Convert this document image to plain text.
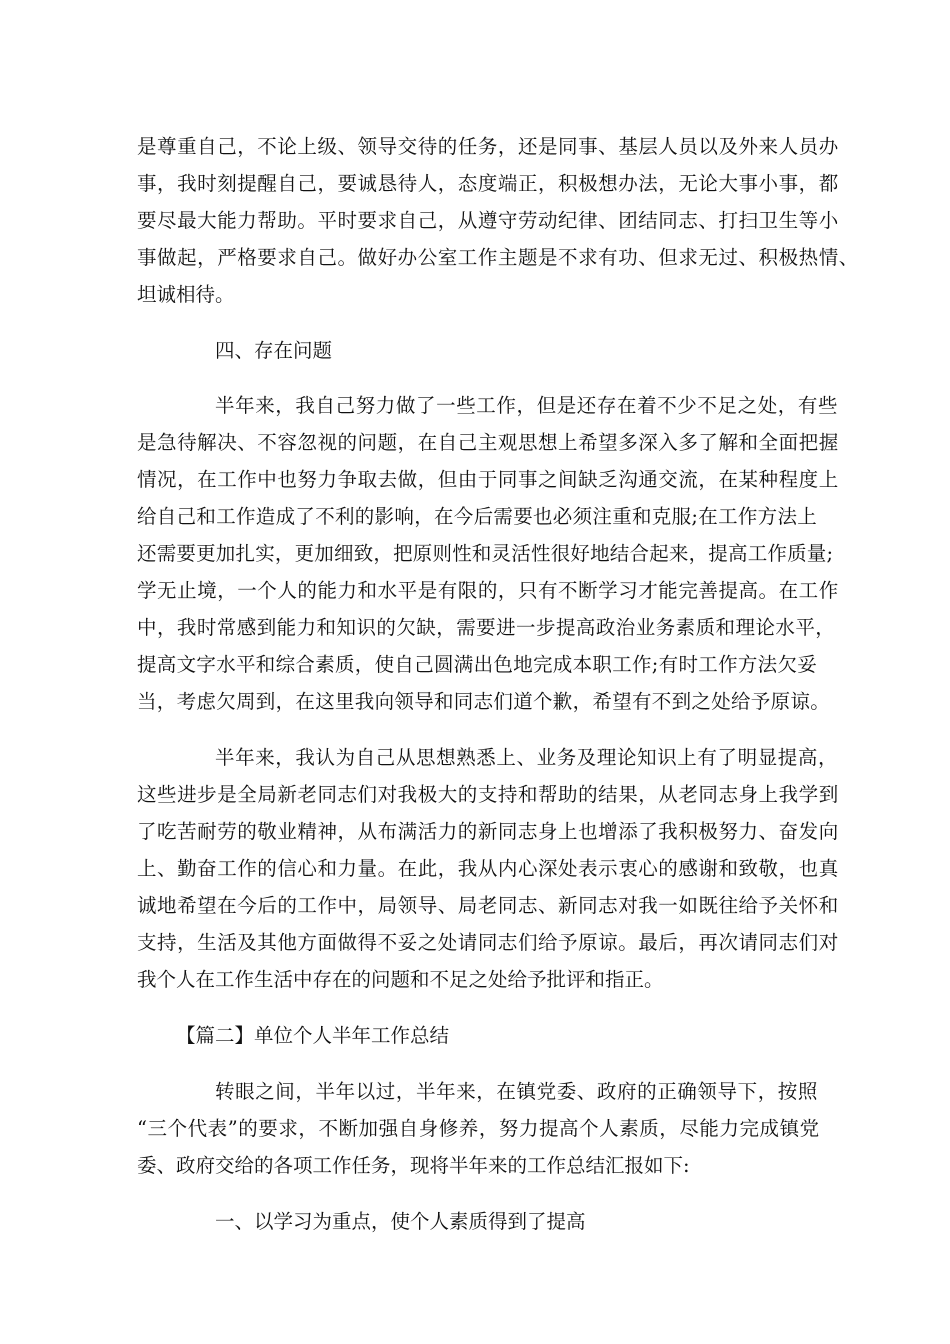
是尊重自己，不论上级、领导交待的任务，还是同事、基层人员以及外来人员办
事，我时刻提醒自己，要诚恳待人，态度端正，积极想办法，无论大事小事，都
要尽最大能力帮助。平时要求自己，从遵守劳动纪律、团结同志、打扫卫生等小
事做起，严格要求自己。做好办公室工作主题是不求有功、但求无过、积极热情、
坦诚相待。
四、存在问题
半年来，我自己努力做了一些工作，但是还存在着不少不足之处，有些
是急待解决、不容忽视的问题，在自己主观思想上希望多深入多了解和全面把握
情况，在工作中也努力争取去做，但由于同事之间缺乏沟通交流，在某种程度上
给自己和工作造成了不利的影响，在今后需要也必须注重和克服;在工作方法上
还需要更加扎实，更加细致，把原则性和灵活性很好地结合起来，提高工作质量;
学无止境，一个人的能力和水平是有限的，只有不断学习才能完善提高。在工作
中，我时常感到能力和知识的欠缺，需要进一步提高政治业务素质和理论水平，
提高文字水平和综合素质，使自己圆满出色地完成本职工作;有时工作方法欠妥
当，考虑欠周到，在这里我向领导和同志们道个歉，希望有不到之处给予原谅。
半年来，我认为自己从思想熟悉上、业务及理论知识上有了明显提高，
这些进步是全局新老同志们对我极大的支持和帮助的结果，从老同志身上我学到
了吃苦耐劳的敬业精神，从布满活力的新同志身上也增添了我积极努力、奋发向
上、勤奋工作的信心和力量。在此，我从内心深处表示衷心的感谢和致敬，也真
诚地希望在今后的工作中，局领导、局老同志、新同志对我一如既往给予关怀和
支持，生活及其他方面做得不妥之处请同志们给予原谅。最后，再次请同志们对
我个人在工作生活中存在的问题和不足之处给予批评和指正。
【篇二】单位个人半年工作总结
转眼之间，半年以过，半年来，在镇党委、政府的正确领导下，按照
“三个代表”的要求，不断加强自身修养，努力提高个人素质，尽能力完成镇党
委、政府交给的各项工作任务，现将半年来的工作总结汇报如下:
一、以学习为重点，使个人素质得到了提高
